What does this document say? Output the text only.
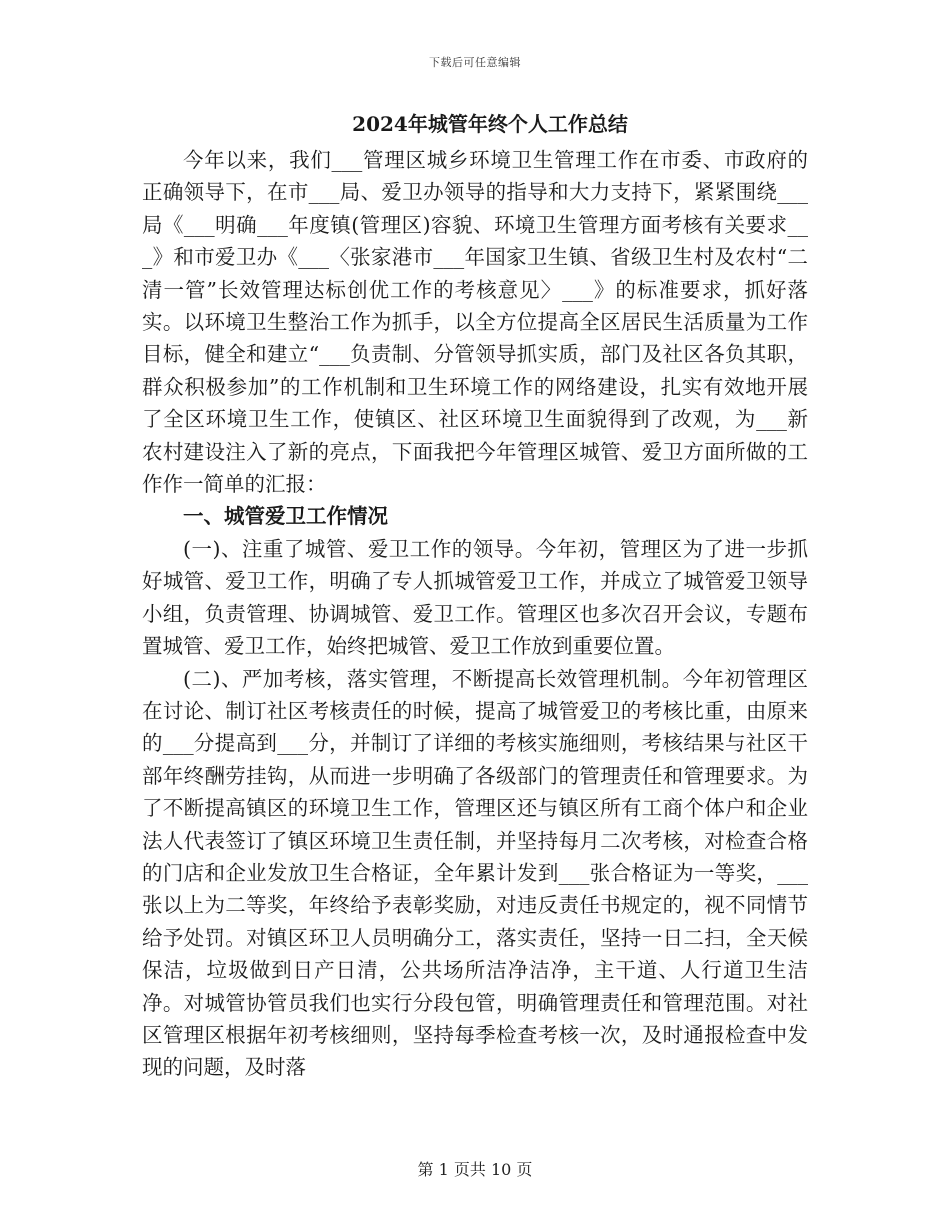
下载后可任意编辑
2024年城管年终个人工作总结

今年以来，我们___管理区城乡环境卫生管理工作在市委、市政府的正确领导下，在市___局、爱卫办领导的指导和大力支持下，紧紧围绕___局《___明确___年度镇(管理区)容貌、环境卫生管理方面考核有关要求___》和市爱卫办《___〈张家港市___年国家卫生镇、省级卫生村及农村“二清一管”长效管理达标创优工作的考核意见〉___》的标准要求，抓好落实。以环境卫生整治工作为抓手，以全方位提高全区居民生活质量为工作目标，健全和建立“___负责制、分管领导抓实质，部门及社区各负其职，群众积极参加”的工作机制和卫生环境工作的网络建设，扎实有效地开展了全区环境卫生工作，使镇区、社区环境卫生面貌得到了改观，为___新农村建设注入了新的亮点，下面我把今年管理区城管、爱卫方面所做的工作作一简单的汇报：

一、城管爱卫工作情况

(一)、注重了城管、爱卫工作的领导。今年初，管理区为了进一步抓好城管、爱卫工作，明确了专人抓城管爱卫工作，并成立了城管爱卫领导小组，负责管理、协调城管、爱卫工作。管理区也多次召开会议，专题布置城管、爱卫工作，始终把城管、爱卫工作放到重要位置。

(二)、严加考核，落实管理，不断提高长效管理机制。今年初管理区在讨论、制订社区考核责任的时候，提高了城管爱卫的考核比重，由原来的___分提高到___分，并制订了详细的考核实施细则，考核结果与社区干部年终酬劳挂钩，从而进一步明确了各级部门的管理责任和管理要求。为了不断提高镇区的环境卫生工作，管理区还与镇区所有工商个体户和企业法人代表签订了镇区环境卫生责任制，并坚持每月二次考核，对检查合格的门店和企业发放卫生合格证，全年累计发到___张合格证为一等奖，___张以上为二等奖，年终给予表彰奖励，对违反责任书规定的，视不同情节给予处罚。对镇区环卫人员明确分工，落实责任，坚持一日二扫，全天候保洁，垃圾做到日产日清，公共场所洁净洁净，主干道、人行道卫生洁净。对城管协管员我们也实行分段包管，明确管理责任和管理范围。对社区管理区根据年初考核细则，坚持每季检查考核一次，及时通报检查中发现的问题，及时落

第 1 页共 10 页
